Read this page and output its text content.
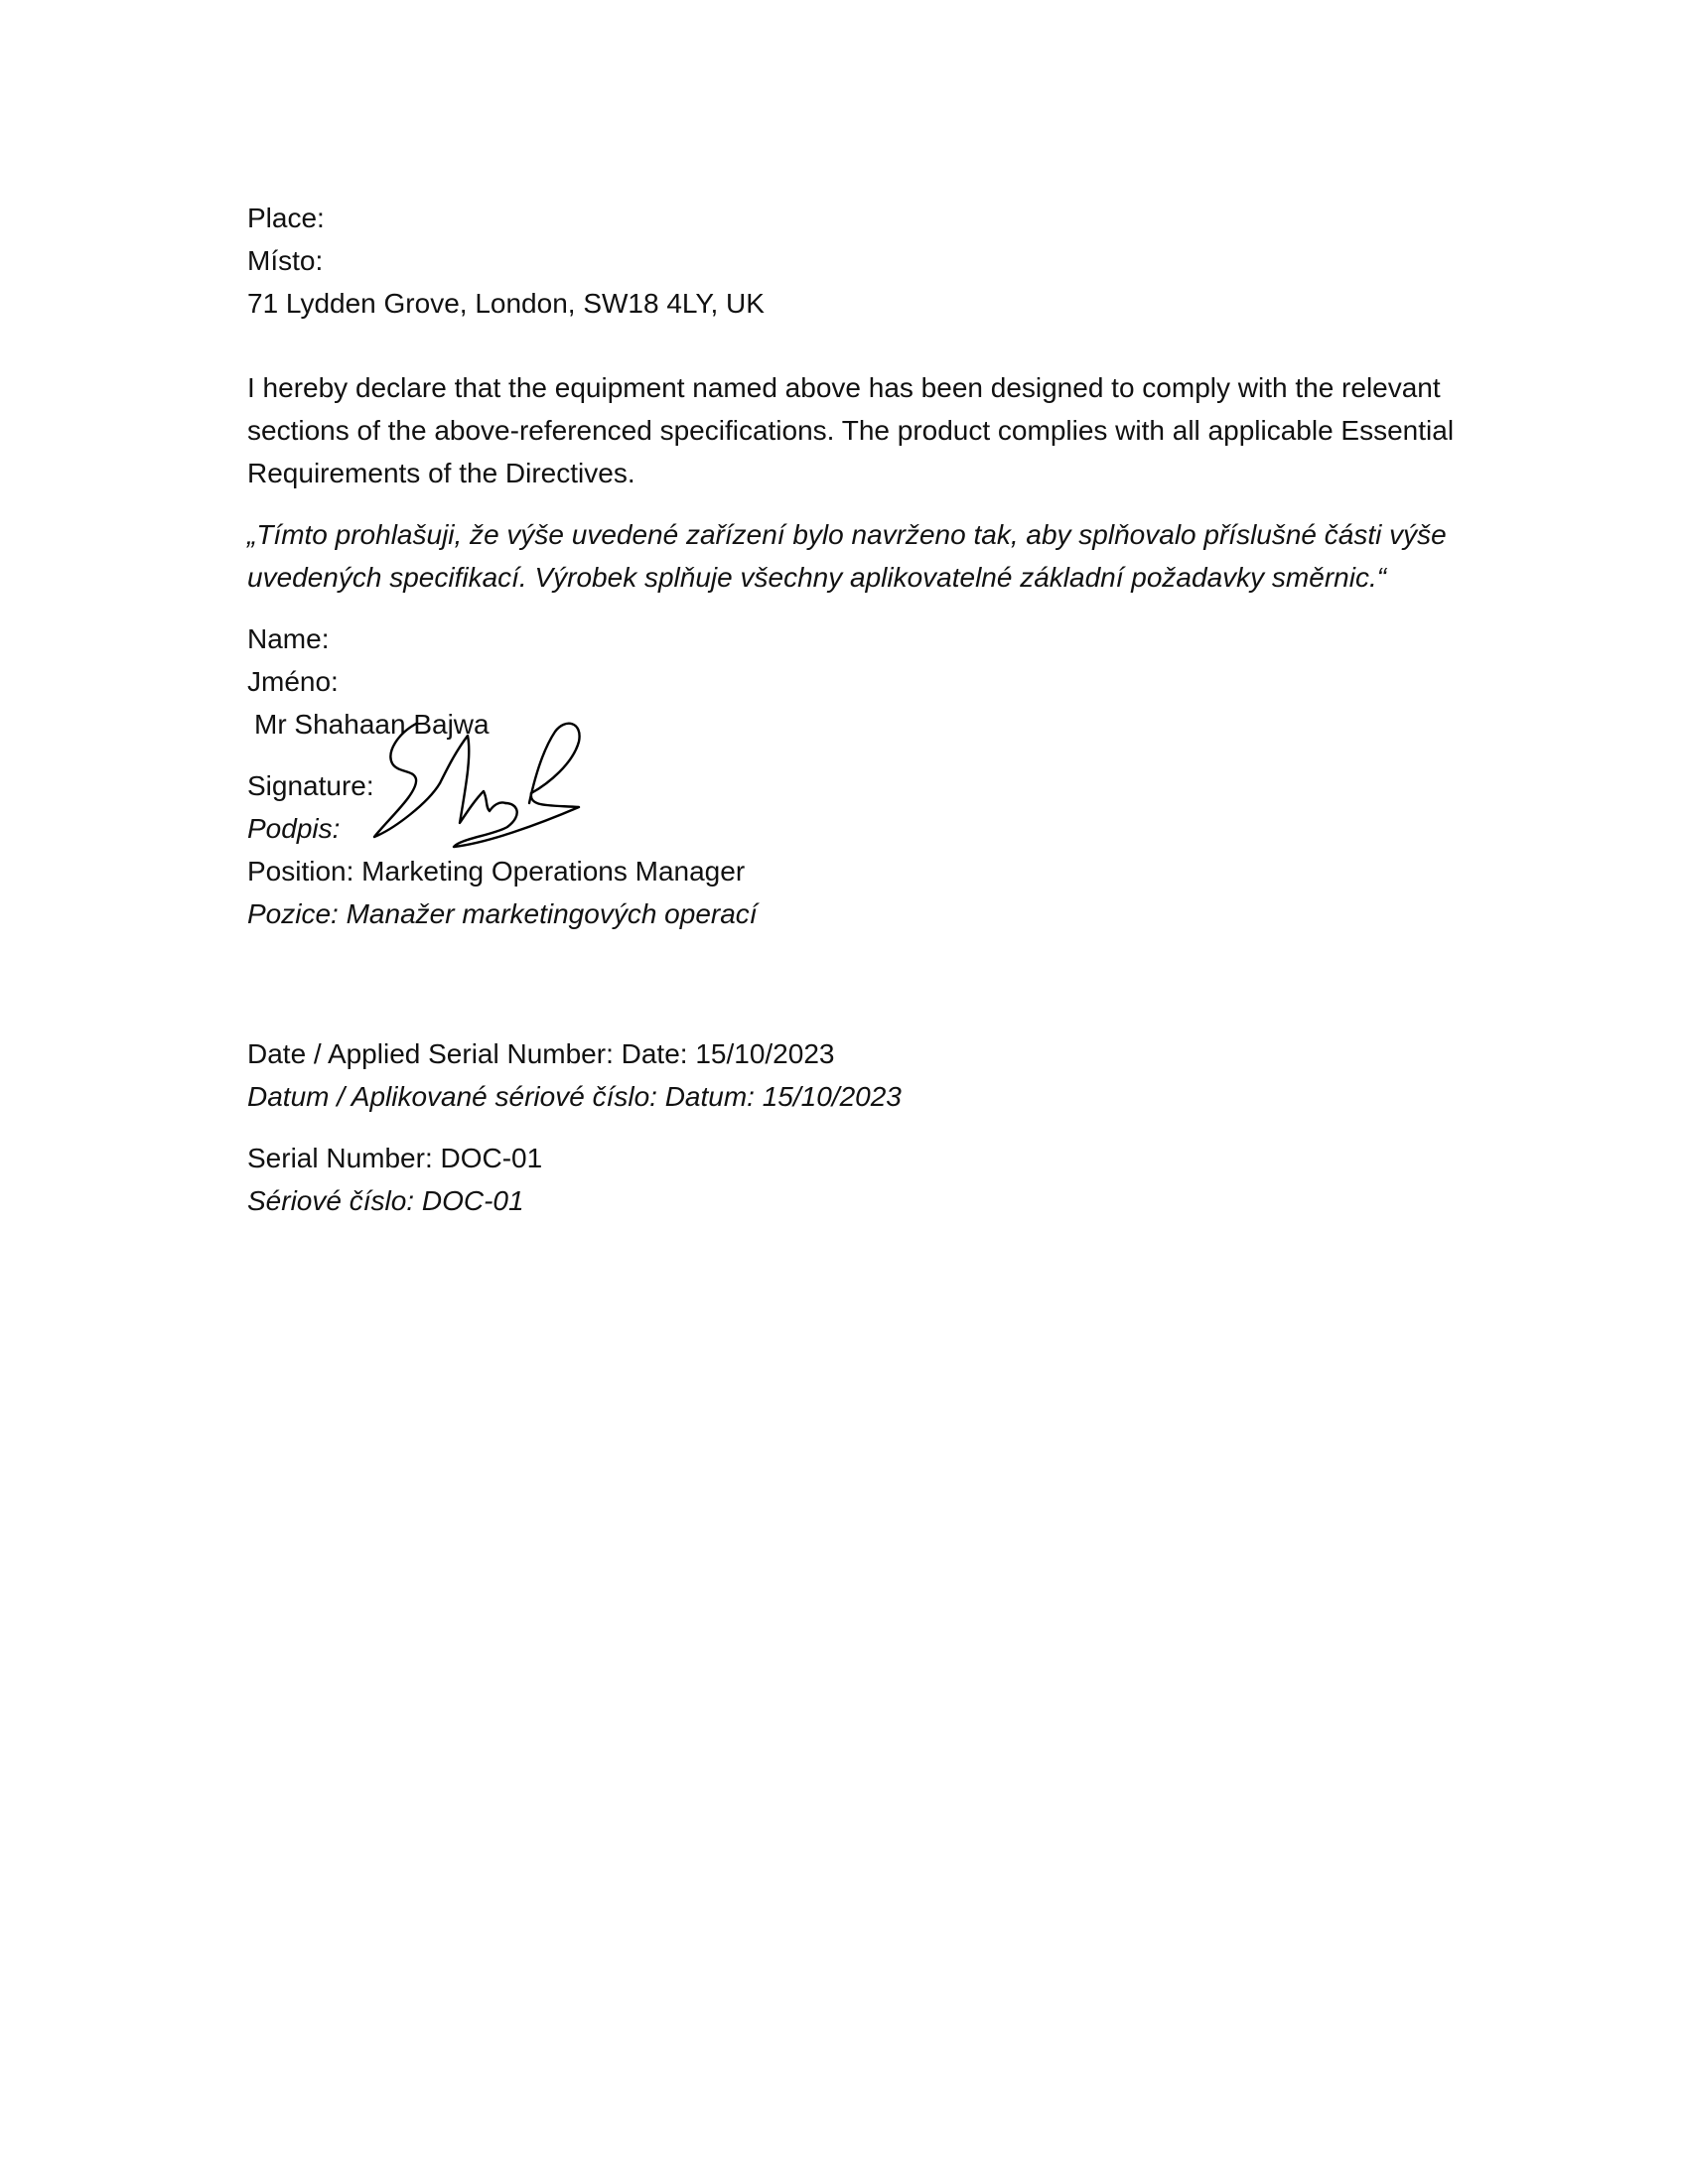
Place:
Místo:
71 Lydden Grove, London, SW18 4LY, UK
I hereby declare that the equipment named above has been designed to comply with the relevant sections of the above-referenced specifications. The product complies with all applicable Essential Requirements of the Directives.
„Tímto prohlašuji, že výše uvedené zařízení bylo navrženo tak, aby splňovalo příslušné části výše uvedených specifikací. Výrobek splňuje všechny aplikovatelné základní požadavky směrnic.“
Name:
Jméno:
Mr Shahaan Bajwa
Signature:
Podpis:
Position: Marketing Operations Manager
Pozice: Manažer marketingových operací
Date / Applied Serial Number: Date: 15/10/2023
Datum / Aplikované sériové číslo: Datum: 15/10/2023
Serial Number: DOC-01
Sériové číslo: DOC-01
